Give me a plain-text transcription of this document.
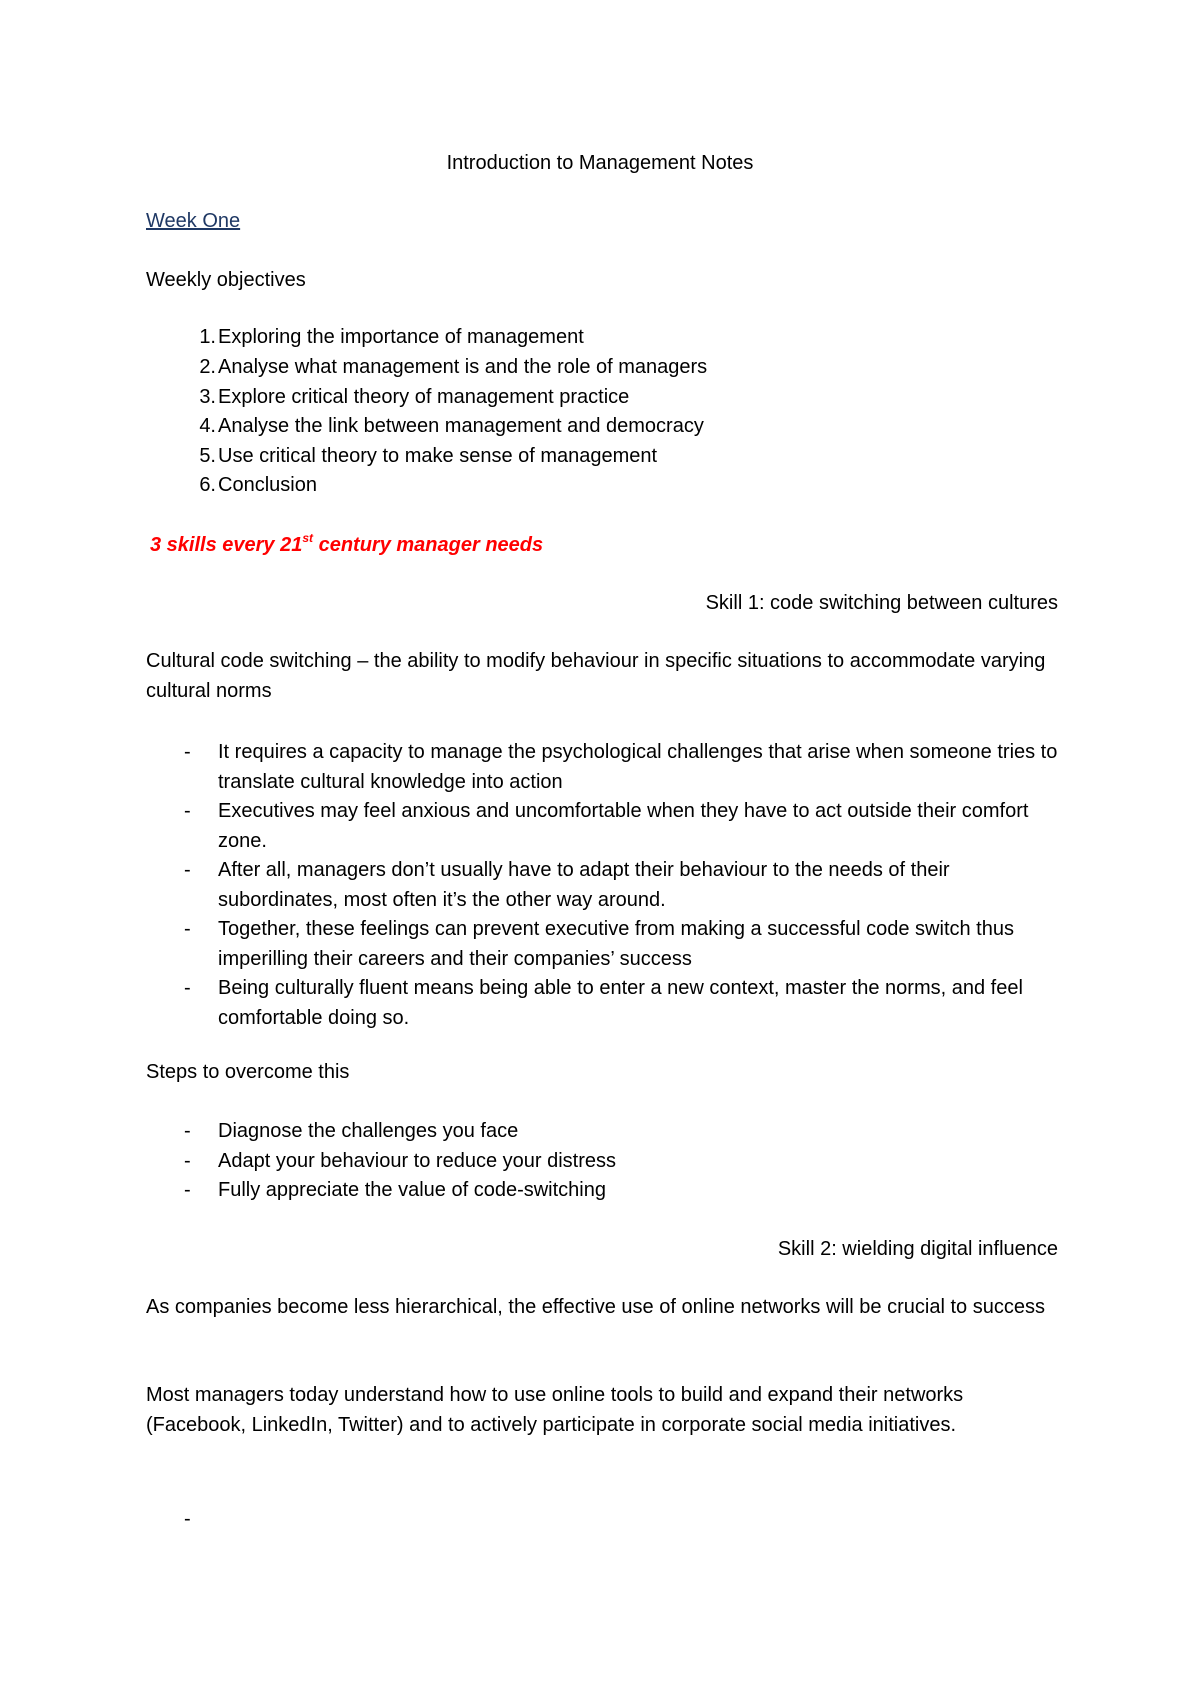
Introduction to Management Notes
Week One
Weekly objectives
1. Exploring the importance of management
2. Analyse what management is and the role of managers
3. Explore critical theory of management practice
4. Analyse the link between management and democracy
5. Use critical theory to make sense of management
6. Conclusion
3 skills every 21st century manager needs
Skill 1: code switching between cultures
Cultural code switching – the ability to modify behaviour in specific situations to accommodate varying cultural norms
- It requires a capacity to manage the psychological challenges that arise when someone tries to translate cultural knowledge into action
- Executives may feel anxious and uncomfortable when they have to act outside their comfort zone.
- After all, managers don’t usually have to adapt their behaviour to the needs of their subordinates, most often it’s the other way around.
- Together, these feelings can prevent executive from making a successful code switch thus imperilling their careers and their companies’ success
- Being culturally fluent means being able to enter a new context, master the norms, and feel comfortable doing so.
Steps to overcome this
- Diagnose the challenges you face
- Adapt your behaviour to reduce your distress
- Fully appreciate the value of code-switching
Skill 2: wielding digital influence
As companies become less hierarchical, the effective use of online networks will be crucial to success
Most managers today understand how to use online tools to build and expand their networks (Facebook, LinkedIn, Twitter) and to actively participate in corporate social media initiatives.
-
